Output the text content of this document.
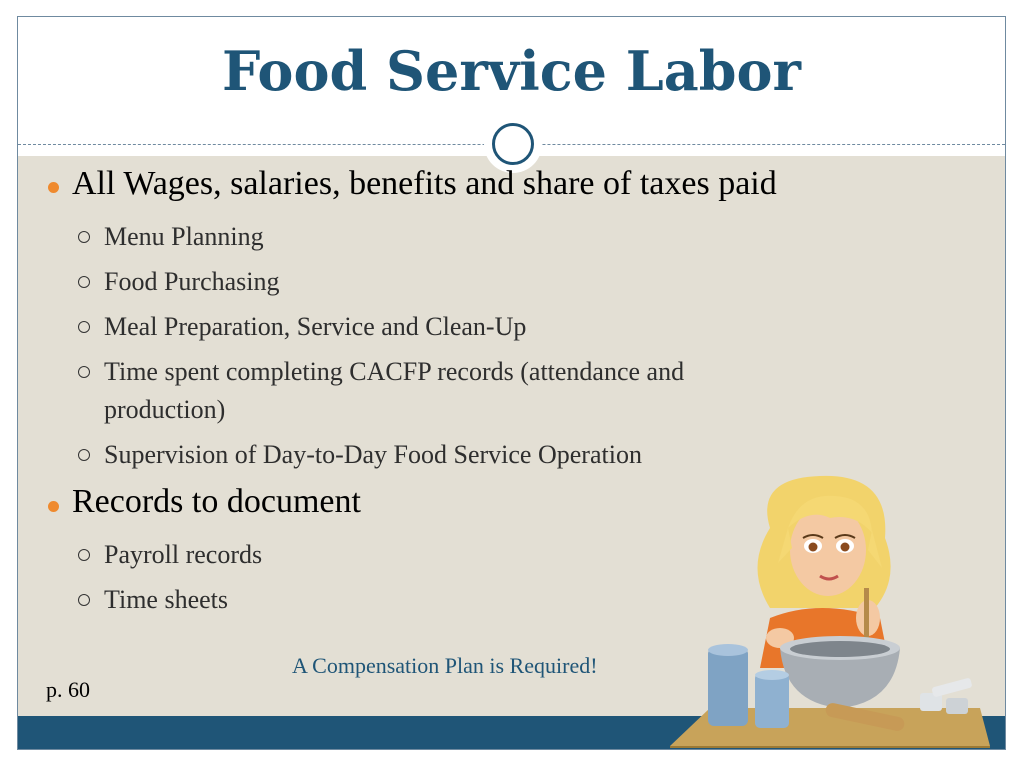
Food Service Labor
All Wages, salaries, benefits and share of taxes paid
Menu Planning
Food Purchasing
Meal Preparation, Service and Clean-Up
Time spent completing CACFP records (attendance and
production)
Supervision of Day-to-Day Food Service Operation
Records to document
Payroll records
Time sheets
A Compensation Plan is Required!
p. 60
